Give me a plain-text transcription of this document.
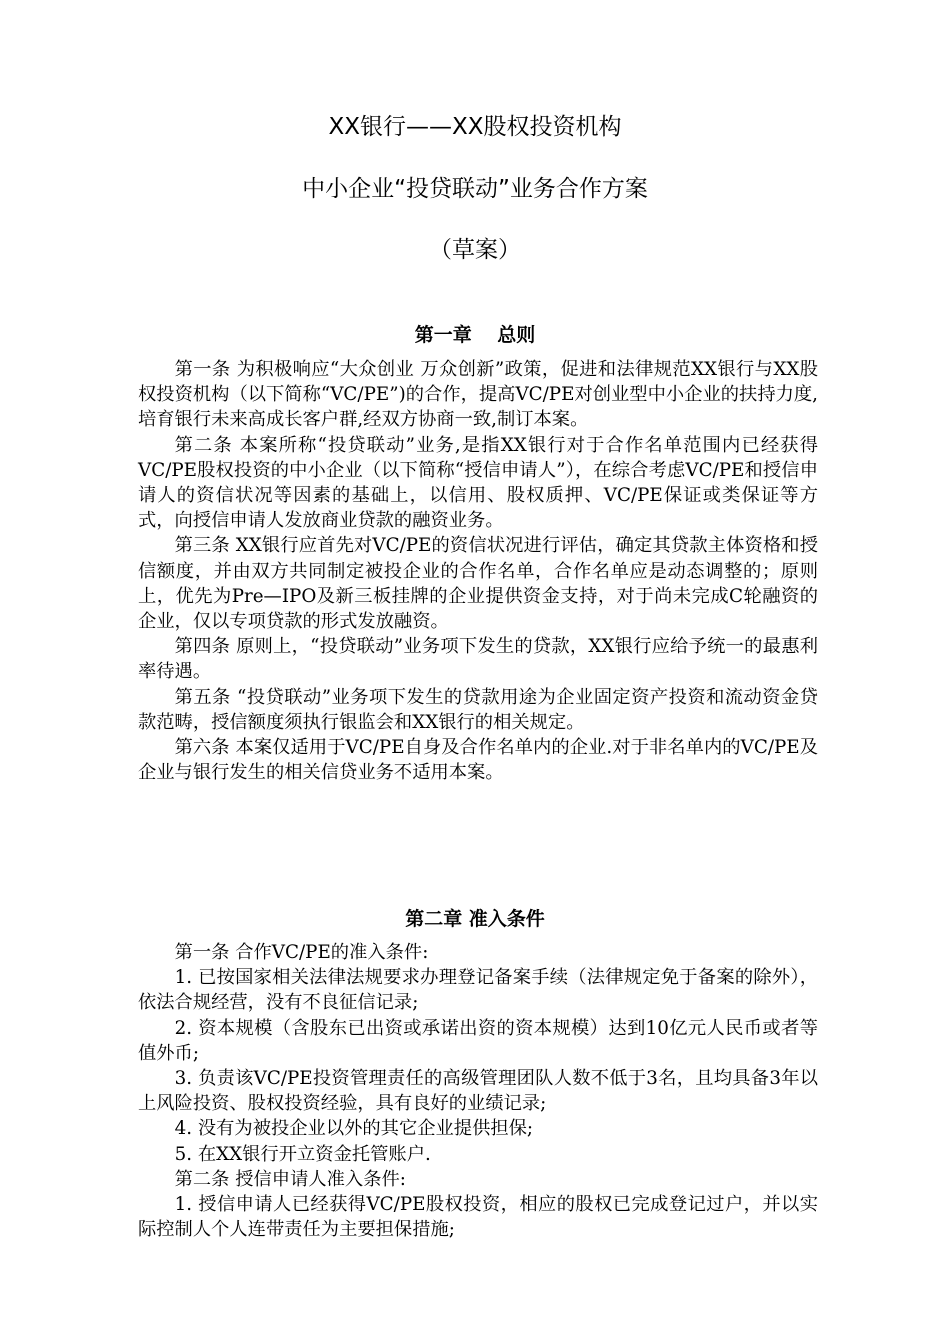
XX银行——XX股权投资机构
中小企业“投贷联动”业务合作方案
（草案）
第一章　 总则

第一条 为积极响应“大众创业 万众创新”政策，促进和法律规范XX银行与XX股权投资机构（以下简称“VC/PE”)的合作，提高VC/PE对创业型中小企业的扶持力度,培育银行未来高成长客户群,经双方协商一致,制订本案。

第二条 本案所称“投贷联动”业务,是指XX银行对于合作名单范围内已经获得VC/PE股权投资的中小企业（以下简称“授信申请人”），在综合考虑VC/PE和授信申请人的资信状况等因素的基础上，以信用、股权质押、VC/PE保证或类保证等方式，向授信申请人发放商业贷款的融资业务。

第三条 XX银行应首先对VC/PE的资信状况进行评估，确定其贷款主体资格和授信额度，并由双方共同制定被投企业的合作名单，合作名单应是动态调整的；原则上，优先为Pre—IPO及新三板挂牌的企业提供资金支持，对于尚未完成C轮融资的企业，仅以专项贷款的形式发放融资。

第四条 原则上，“投贷联动”业务项下发生的贷款，XX银行应给予统一的最惠利率待遇。

第五条 “投贷联动”业务项下发生的贷款用途为企业固定资产投资和流动资金贷款范畴，授信额度须执行银监会和XX银行的相关规定。

第六条 本案仅适用于VC/PE自身及合作名单内的企业.对于非名单内的VC/PE及企业与银行发生的相关信贷业务不适用本案。

第二章 准入条件

第一条 合作VC/PE的准入条件:

1. 已按国家相关法律法规要求办理登记备案手续（法律规定免于备案的除外），依法合规经营，没有不良征信记录;

2. 资本规模（含股东已出资或承诺出资的资本规模）达到10亿元人民币或者等值外币;

3. 负责该VC/PE投资管理责任的高级管理团队人数不低于3名，且均具备3年以上风险投资、股权投资经验，具有良好的业绩记录;

4. 没有为被投企业以外的其它企业提供担保;

5. 在XX银行开立资金托管账户.

第二条 授信申请人准入条件:

1. 授信申请人已经获得VC/PE股权投资，相应的股权已完成登记过户，并以实际控制人个人连带责任为主要担保措施;
